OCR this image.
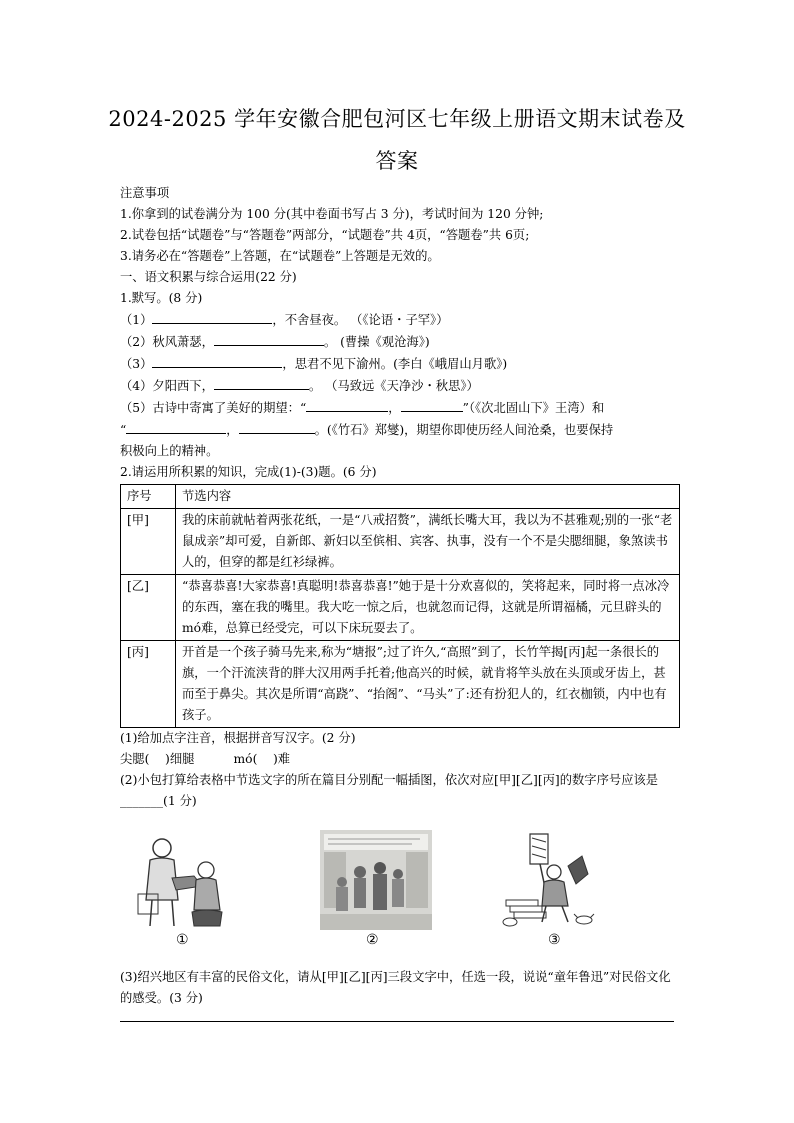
2024-2025 学年安徽合肥包河区七年级上册语文期末试卷及
答案
注意事项
1.你拿到的试卷满分为 100 分(其中卷面书写占 3 分)，考试时间为 120 分钟;
2.试卷包括“试题卷”与“答题卷”两部分，“试题卷”共 4页，“答题卷”共 6页;
3.请务必在“答题卷”上答题，在“试题卷”上答题是无效的。
一、语文积累与综合运用(22 分)
1.默写。(8 分)
（1）	，不舍昼夜。 （《论语・子罕》）
（2）秋风萧瑟，	。 (曹操《观沧海》)
（3）	，思君不见下渝州。(李白《峨眉山月歌》)
（4）夕阳西下，	。 （马致远《天净沙・秋思》）
（5）古诗中寄寓了美好的期望：“	，	”（《次北固山下》王湾）和
“	，	。(《竹石》郑燮)，期望你即使历经人间沧桑，也要保持
积极向上的精神。
2.请运用所积累的知识，完成(1)-(3)题。(6 分)
序号	节选内容
[甲]	我的床前就帖着两张花纸，一是“八戒招赘”，满纸长嘴大耳，我以为不甚雅观;别的一张“老鼠成亲”却可爱，自新郎、新妇以至傧相、宾客、执事，没有一个不是尖腮细腿，象煞读书人的，但穿的都是红衫绿裤。
[乙]	“恭喜恭喜!大家恭喜!真聪明!恭喜恭喜!”她于是十分欢喜似的，笑将起来，同时将一点冰冷的东西，塞在我的嘴里。我大吃一惊之后，也就忽而记得，这就是所谓福橘，元旦辟头的 mó难，总算已经受完，可以下床玩耍去了。
[丙]	开首是一个孩子骑马先来,称为“塘报”;过了许久,“高照”到了，长竹竿揭[丙]起一条很长的旗，一个汗流浃背的胖大汉用两手托着;他高兴的时候，就肯将竿头放在头顶或牙齿上，甚而至于鼻尖。其次是所谓“高跷”、“抬阁”、“马头”了:还有扮犯人的，红衣枷锁，内中也有孩子。
(1)给加点字注音，根据拼音写汉字。(2 分)
尖腮(    )细腿          mó(    )难
(2)小包打算给表格中节选文字的所在篇目分别配一幅插图，依次对应[甲][乙][丙]的数字序号应该是_______(1 分)
①	②	③
(3)绍兴地区有丰富的民俗文化，请从[甲][乙][丙]三段文字中，任选一段，说说“童年鲁迅”对民俗文化的感受。(3 分)
